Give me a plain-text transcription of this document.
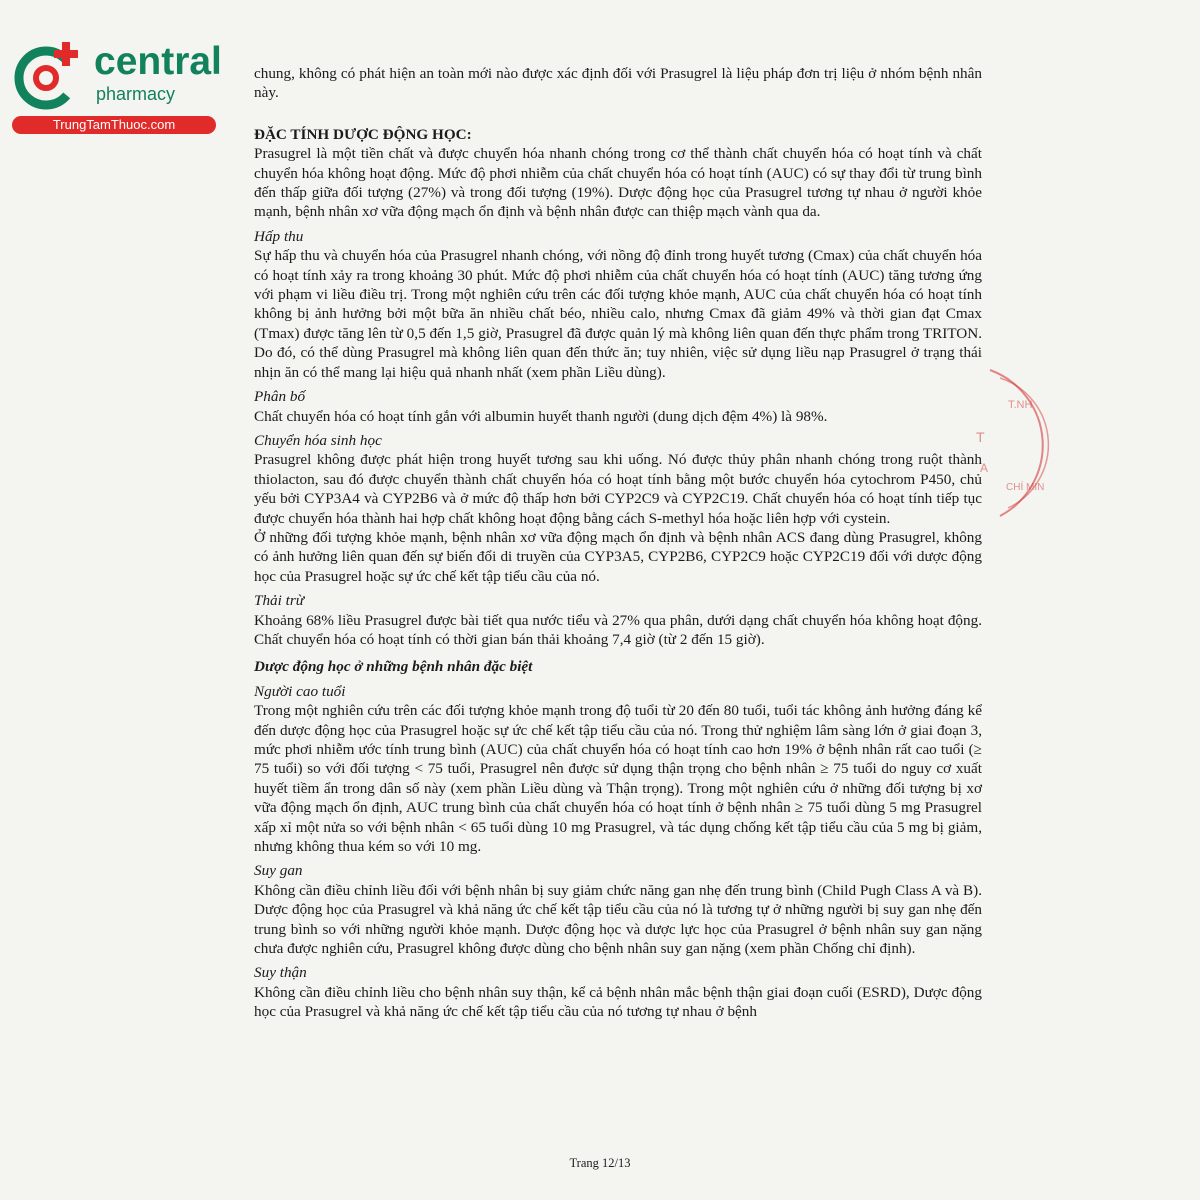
central
pharmacy
TrungTamThuoc.com
T.NH
T
A
CHÍ MIN

chung, không có phát hiện an toàn mới nào được xác định đối với Prasugrel là liệu pháp đơn trị liệu ở nhóm bệnh nhân này.

ĐẶC TÍNH DƯỢC ĐỘNG HỌC:

Prasugrel là một tiền chất và được chuyển hóa nhanh chóng trong cơ thể thành chất chuyển hóa có hoạt tính và chất chuyển hóa không hoạt động. Mức độ phơi nhiễm của chất chuyển hóa có hoạt tính (AUC) có sự thay đổi từ trung bình đến thấp giữa đối tượng (27%) và trong đối tượng (19%). Dược động học của Prasugrel tương tự nhau ở người khỏe mạnh, bệnh nhân xơ vữa động mạch ổn định và bệnh nhân được can thiệp mạch vành qua da.

Hấp thu

Sự hấp thu và chuyển hóa của Prasugrel nhanh chóng, với nồng độ đỉnh trong huyết tương (Cmax) của chất chuyển hóa có hoạt tính xảy ra trong khoảng 30 phút. Mức độ phơi nhiễm của chất chuyển hóa có hoạt tính (AUC) tăng tương ứng với phạm vi liều điều trị. Trong một nghiên cứu trên các đối tượng khỏe mạnh, AUC của chất chuyển hóa có hoạt tính không bị ảnh hưởng bởi một bữa ăn nhiều chất béo, nhiều calo, nhưng Cmax đã giảm 49% và thời gian đạt Cmax (Tmax) được tăng lên từ 0,5 đến 1,5 giờ, Prasugrel đã được quản lý mà không liên quan đến thực phẩm trong TRITON. Do đó, có thể dùng Prasugrel mà không liên quan đến thức ăn; tuy nhiên, việc sử dụng liều nạp Prasugrel ở trạng thái nhịn ăn có thể mang lại hiệu quả nhanh nhất (xem phần Liều dùng).

Phân bố

Chất chuyển hóa có hoạt tính gắn với albumin huyết thanh người (dung dịch đệm 4%) là 98%.

Chuyển hóa sinh học

Prasugrel không được phát hiện trong huyết tương sau khi uống. Nó được thủy phân nhanh chóng trong ruột thành thiolacton, sau đó được chuyển thành chất chuyển hóa có hoạt tính bằng một bước chuyển hóa cytochrom P450, chủ yếu bởi CYP3A4 và CYP2B6 và ở mức độ thấp hơn bởi CYP2C9 và CYP2C19. Chất chuyển hóa có hoạt tính tiếp tục được chuyển hóa thành hai hợp chất không hoạt động bằng cách S-methyl hóa hoặc liên hợp với cystein.

Ở những đối tượng khỏe mạnh, bệnh nhân xơ vữa động mạch ổn định và bệnh nhân ACS đang dùng Prasugrel, không có ảnh hưởng liên quan đến sự biến đổi di truyền của CYP3A5, CYP2B6, CYP2C9 hoặc CYP2C19 đối với dược động học của Prasugrel hoặc sự ức chế kết tập tiểu cầu của nó.

Thải trừ

Khoảng 68% liều Prasugrel được bài tiết qua nước tiểu và 27% qua phân, dưới dạng chất chuyển hóa không hoạt động. Chất chuyển hóa có hoạt tính có thời gian bán thải khoảng 7,4 giờ (từ 2 đến 15 giờ).

Dược động học ở những bệnh nhân đặc biệt

Người cao tuổi

Trong một nghiên cứu trên các đối tượng khỏe mạnh trong độ tuổi từ 20 đến 80 tuổi, tuổi tác không ảnh hưởng đáng kể đến dược động học của Prasugrel hoặc sự ức chế kết tập tiểu cầu của nó. Trong thử nghiệm lâm sàng lớn ở giai đoạn 3, mức phơi nhiễm ước tính trung bình (AUC) của chất chuyển hóa có hoạt tính cao hơn 19% ở bệnh nhân rất cao tuổi (≥ 75 tuổi) so với đối tượng < 75 tuổi, Prasugrel nên được sử dụng thận trọng cho bệnh nhân ≥ 75 tuổi do nguy cơ xuất huyết tiềm ẩn trong dân số này (xem phần Liều dùng và Thận trọng). Trong một nghiên cứu ở những đối tượng bị xơ vữa động mạch ổn định, AUC trung bình của chất chuyển hóa có hoạt tính ở bệnh nhân ≥ 75 tuổi dùng 5 mg Prasugrel xấp xỉ một nửa so với bệnh nhân < 65 tuổi dùng 10 mg Prasugrel, và tác dụng chống kết tập tiểu cầu của 5 mg bị giảm, nhưng không thua kém so với 10 mg.

Suy gan

Không cần điều chỉnh liều đối với bệnh nhân bị suy giảm chức năng gan nhẹ đến trung bình (Child Pugh Class A và B). Dược động học của Prasugrel và khả năng ức chế kết tập tiểu cầu của nó là tương tự ở những người bị suy gan nhẹ đến trung bình so với những người khỏe mạnh. Dược động học và dược lực học của Prasugrel ở bệnh nhân suy gan nặng chưa được nghiên cứu, Prasugrel không được dùng cho bệnh nhân suy gan nặng (xem phần Chống chỉ định).

Suy thận

Không cần điều chỉnh liều cho bệnh nhân suy thận, kể cả bệnh nhân mắc bệnh thận giai đoạn cuối (ESRD), Dược động học của Prasugrel và khả năng ức chế kết tập tiểu cầu của nó tương tự nhau ở bệnh

Trang 12/13
